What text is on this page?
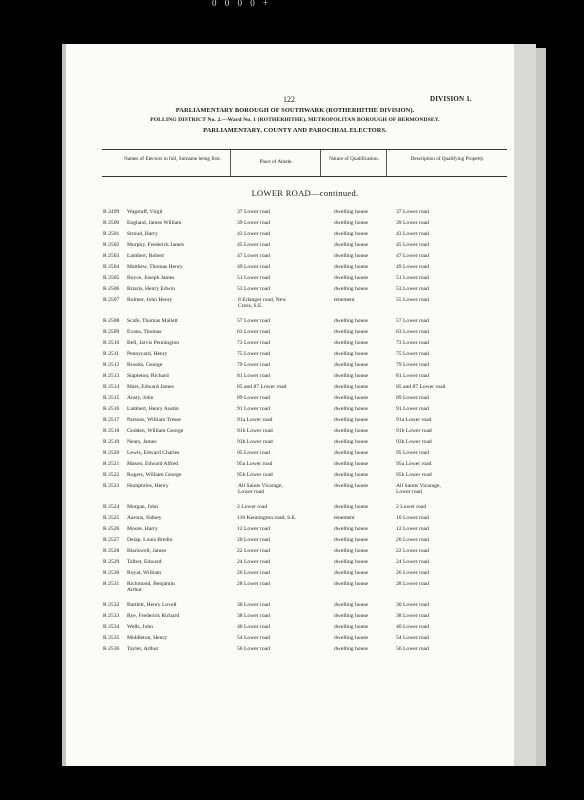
0 0 0 0 +
122	DIVISION 1.
PARLIAMENTARY BOROUGH OF SOUTHWARK (ROTHERHITHE DIVISION).
POLLING DISTRICT No. 2.—Ward No. 1 (ROTHERHITHE), METROPOLITAN BOROUGH OF BERMONDSEY.
PARLIAMENTARY, COUNTY AND PAROCHIAL ELECTORS.
Names of Electors in full, Surname being first.	Place of Abode.	Nature of Qualification.	Description of Qualifying Property.
LOWER ROAD—continued.
R 2499 Wagstaff, Virgil	37 Lower road	dwelling house	37 Lower road
R 2500 England, James William	39 Lower road	dwelling house	39 Lower road
R 2501 Stroud, Harry	43 Lower road	dwelling house	43 Lower road
R 2502 Murphy, Frederick James	45 Lower road	dwelling house	45 Lower road
R 2503 Lambert, Robert	47 Lower road	dwelling house	47 Lower road
R 2504 Matthew, Thomas Henry	49 Lower road	dwelling house	49 Lower road
R 2505 Boyce, Joseph James	51 Lower road	dwelling house	51 Lower road
R 2506 Briaris, Henry Edwin	53 Lower road	dwelling house	53 Lower road
R 2507 Bulmer, John Henry	8 Erlanger road, New
Cross, S.E.
tenement	55 Lower road
R 2508 Scafe, Thomas Mallett	57 Lower road	dwelling house	57 Lower road
R 2509 Evans, Thomas	63 Lower road	dwelling house	63 Lower road
R 2510 Bell, Jarvis Pennington	73 Lower road	dwelling house	73 Lower road
R 2511 Pennycard, Henry	75 Lower road	dwelling house	75 Lower road
R 2512 Brooks, George	79 Lower road	dwelling house	79 Lower road
R 2513 Stapleton, Richard	81 Lower road	dwelling house	81 Lower road
R 2514 Mars, Edward James	85 and 87 Lower road	dwelling house	85 and 87 Lower road
R 2515 Ansty, John	89 Lower road	dwelling house	89 Lower road
R 2516 Lambert, Henry Austin	91 Lower road	dwelling house	91 Lower road
R 2517 Parsons, William Tresse	91a Lower road	dwelling house	91a Lower road
R 2518 Godden, William George	91b Lower road	dwelling house	91b Lower road
R 2519 Nears, James	93b Lower road	dwelling house	93b Lower road
R 2520 Lewis, Edward Charles	95 Lower road	dwelling house	95 Lower road
R 2521 Mason, Edward Alfred	95a Lower road	dwelling house	95a Lower road
R 2522 Rogers, William George	95b Lower road	dwelling house	95b Lower road
R 2523 Humphries, Henry	All Saints Vicarage,
Lower road
dwelling house	All Saints Vicarage,
Lower road
R 2524 Morgan, John	2 Lower road	dwelling house	2 Lower road
R 2525 Aarons, Sidney	116 Kennington road, S.E.	tenement	10 Lower road
R 2526 Moore, Harry	12 Lower road	dwelling house	12 Lower road
R 2527 Delap, Louis Bredin	20 Lower road	dwelling house	20 Lower road
R 2528 Blackwell, James	22 Lower road	dwelling house	22 Lower road
R 2529 Talbot, Edward	24 Lower road	dwelling house	24 Lower road
R 2530 Royal, William	26 Lower road	dwelling house	26 Lower road
R 2531 Richmond, Benjamin
Arthur
28 Lower road	dwelling house	28 Lower road
R 2532 Bartlett, Henry Lovell	30 Lower road	dwelling house	30 Lower road
R 2533 Rye, Frederick Richard	38 Lower road	dwelling house	38 Lower road
R 2534 Wells, John	40 Lower road	dwelling house	40 Lower road
R 2535 Middleton, Henry	54 Lower road	dwelling house	54 Lower road
R 2536 Tayler, Arthur	56 Lower road	dwelling house	56 Lower road
